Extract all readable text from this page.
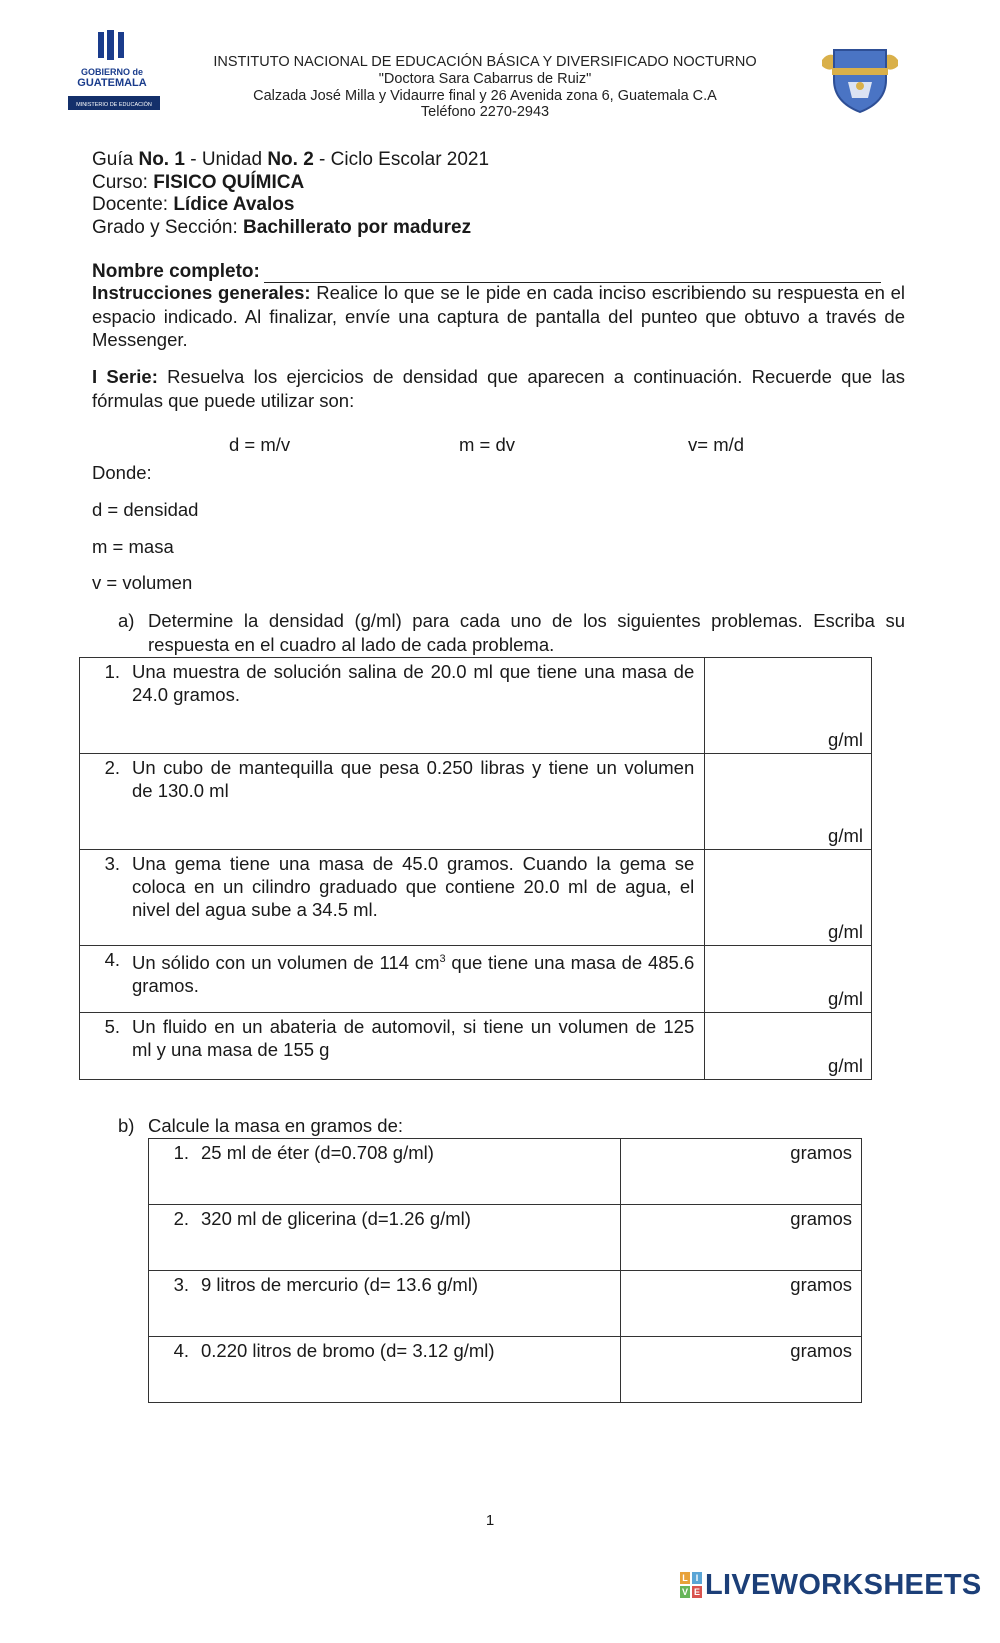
GOBIERNO de
GUATEMALA
MINISTERIO DE EDUCACIÓN
INSTITUTO NACIONAL DE EDUCACIÓN BÁSICA Y DIVERSIFICADO NOCTURNO
"Doctora Sara Cabarrus de Ruiz"
Calzada José Milla y Vidaurre final y 26 Avenida zona 6, Guatemala C.A
Teléfono 2270-2943
Guía No. 1 - Unidad No. 2 - Ciclo Escolar 2021
Curso: FISICO QUÍMICA
Docente: Lídice Avalos
Grado y Sección: Bachillerato por madurez
Nombre completo:
Instrucciones generales: Realice lo que se le pide en cada inciso escribiendo su respuesta en el espacio indicado. Al finalizar, envíe una captura de pantalla del punteo que obtuvo a través de Messenger.
I Serie: Resuelva los ejercicios de densidad que aparecen a continuación. Recuerde que las fórmulas que puede utilizar son:
d = m/v	m = dv	v= m/d
Donde:
d = densidad
m = masa
v = volumen
a) Determine la densidad (g/ml) para cada uno de los siguientes problemas. Escriba su respuesta en el cuadro al lado de cada problema.
1. Una muestra de solución salina de 20.0 ml que tiene una masa de 24.0 gramos.	g/ml

2. Un cubo de mantequilla que pesa 0.250 libras y tiene un volumen de 130.0 ml	g/ml

3. Una gema tiene una masa de 45.0 gramos. Cuando la gema se coloca en un cilindro graduado que contiene 20.0 ml de agua, el nivel del agua sube a 34.5 ml.	g/ml

4. Un sólido con un volumen de 114 $cm^3$ que tiene una masa de 485.6 gramos.	g/ml

5. Un fluido en un abateria de automovil, si tiene un volumen de 125 ml y una masa de 155 g	g/ml
b) Calcule la masa en gramos de:
1. 25 ml de éter (d=0.708 g/ml)	gramos

2. 320 ml de glicerina (d=1.26 g/ml)	gramos

3. 9 litros de mercurio (d= 13.6 g/ml)	gramos

4. 0.220 litros de bromo (d= 3.12 g/ml)	gramos
1
L I
V E LIVEWORKSHEETS
